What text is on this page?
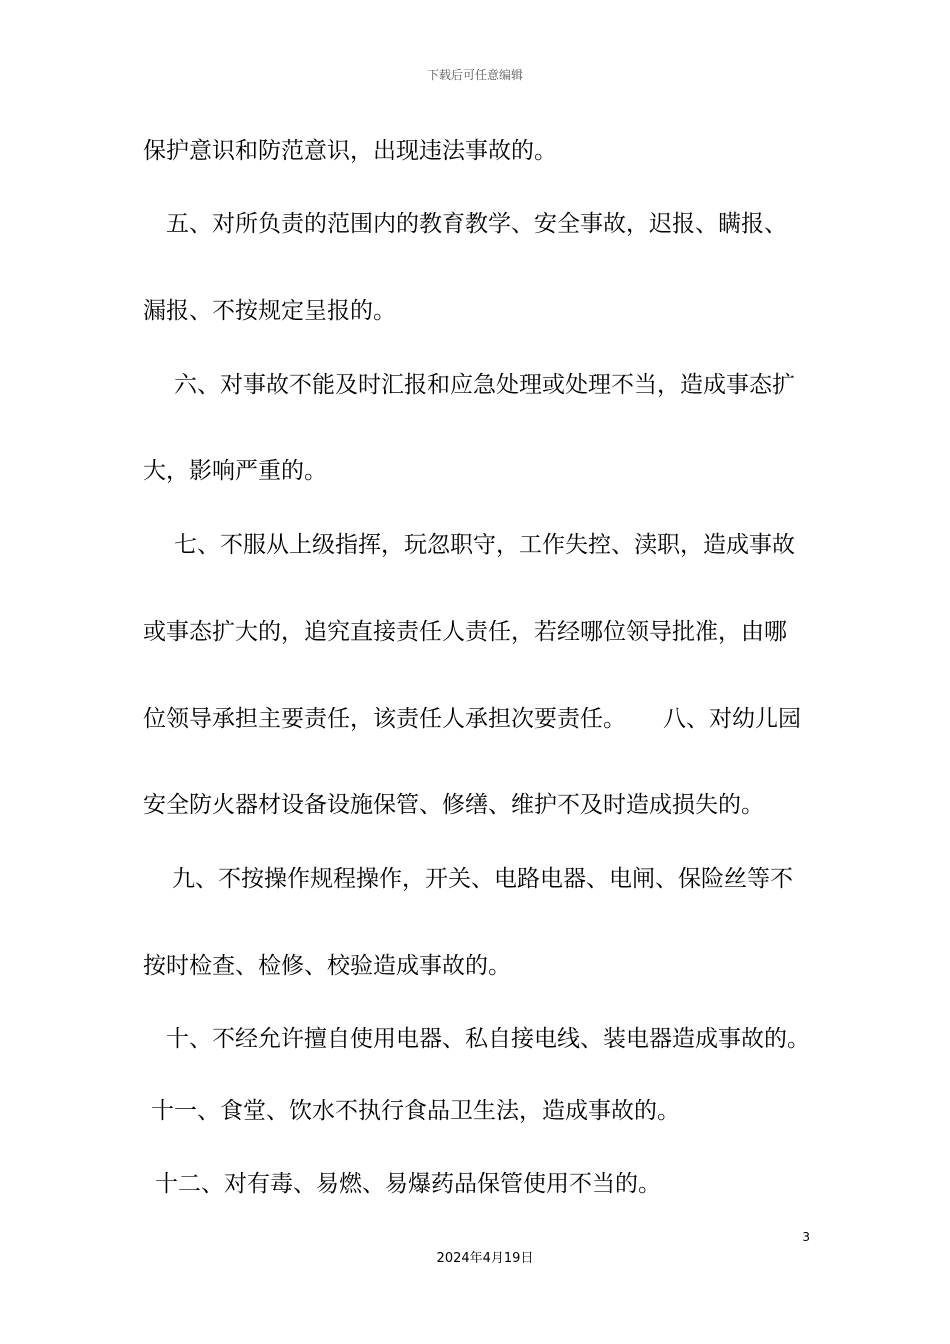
下载后可任意编辑
保护意识和防范意识，出现违法事故的。
五、对所负责的范围内的教育教学、安全事故，迟报、瞒报、
漏报、不按规定呈报的。
六、对事故不能及时汇报和应急处理或处理不当，造成事态扩
大，影响严重的。
七、不服从上级指挥，玩忽职守，工作失控、渎职，造成事故
或事态扩大的，追究直接责任人责任，若经哪位领导批准，由哪
位领导承担主要责任，该责任人承担次要责任。	八、对幼儿园
安全防火器材设备设施保管、修缮、维护不及时造成损失的。
九、不按操作规程操作，开关、电路电器、电闸、保险丝等不
按时检查、检修、校验造成事故的。
十、不经允许擅自使用电器、私自接电线、装电器造成事故的。
十一、食堂、饮水不执行食品卫生法，造成事故的。
十二、对有毒、易燃、易爆药品保管使用不当的。
3
2024年4月19日
